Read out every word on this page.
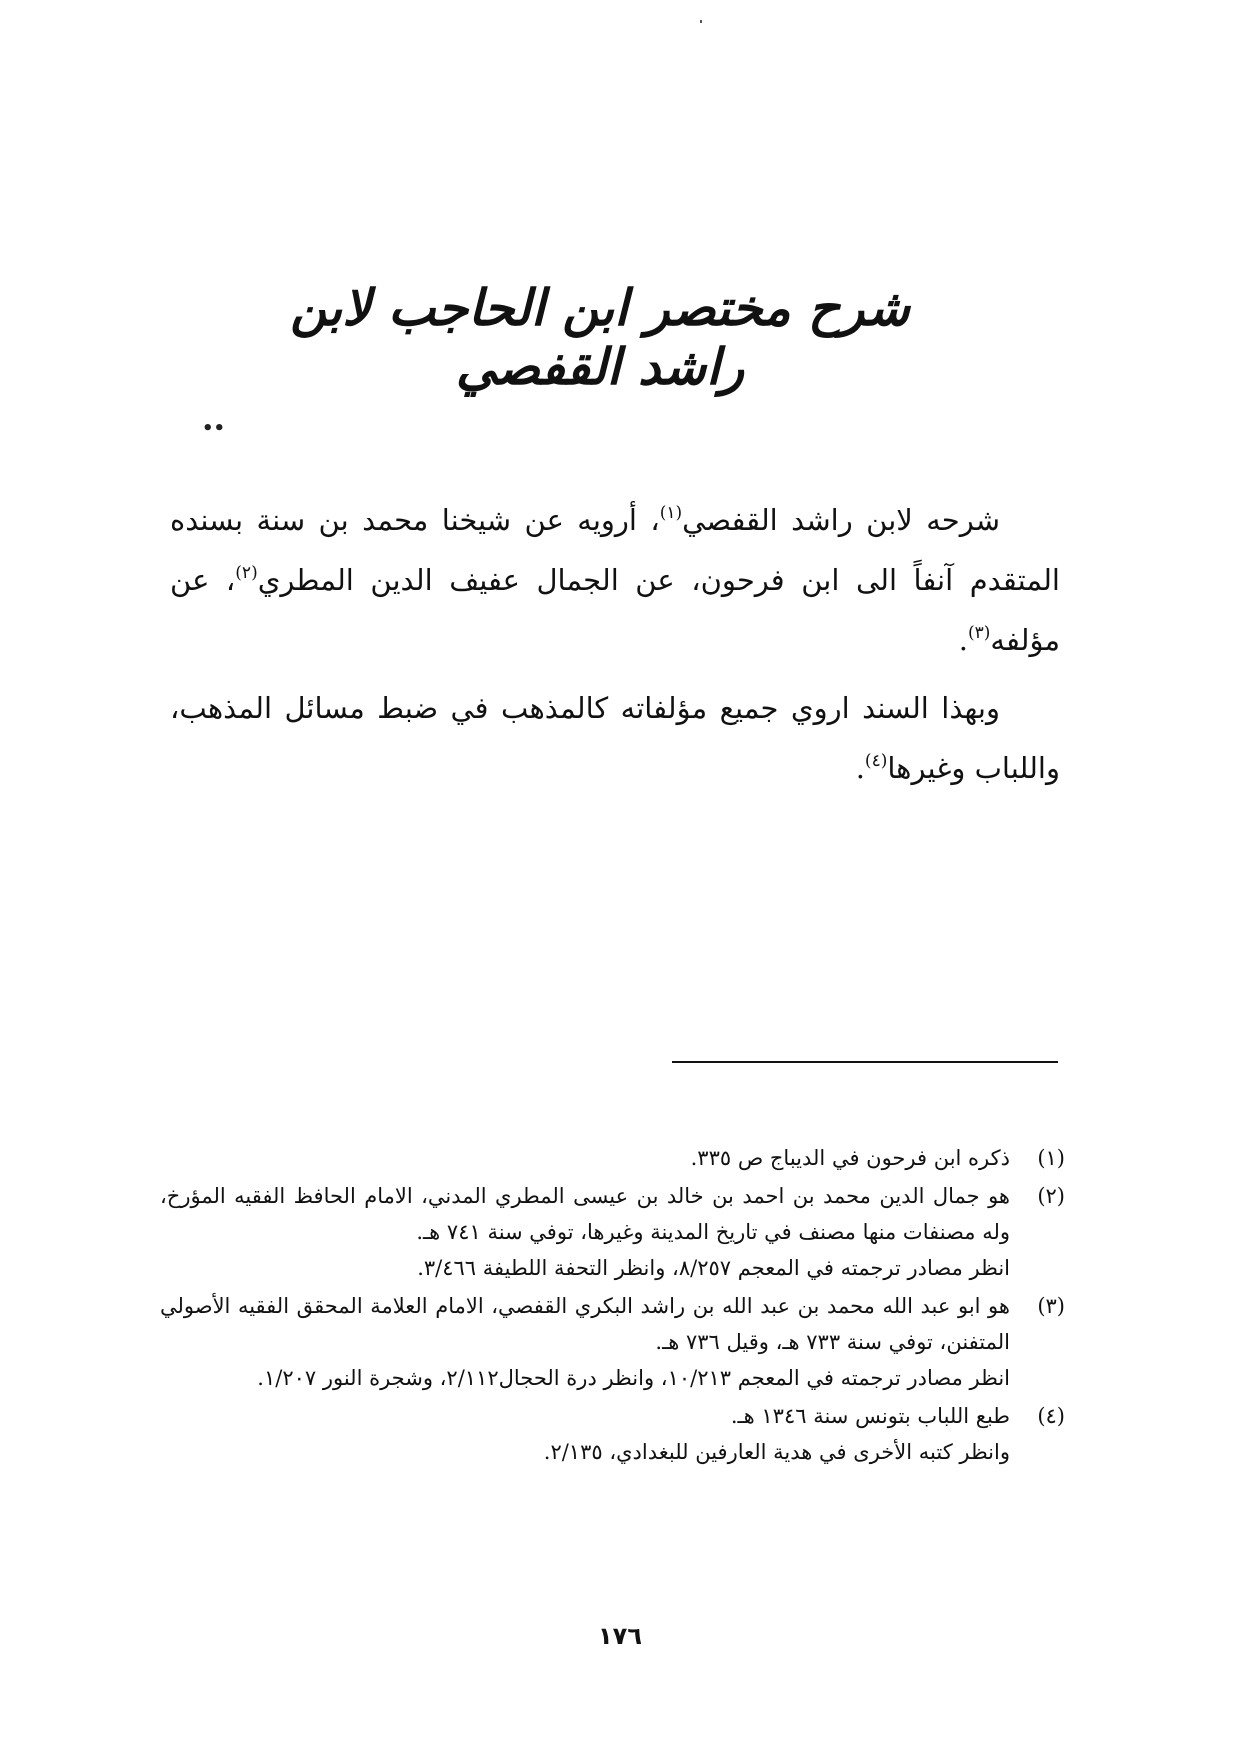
شرح مختصر ابن الحاجب لابن راشد القفصي
••

شرحه لابن راشد القفصي$^{(١)}$، أرويه عن شيخنا محمد بن سنة بسنده المتقدم آنفاً الى ابن فرحون، عن الجمال عفيف الدين المطري$^{(٢)}$، عن مؤلفه$^{(٣)}$.

وبهذا السند اروي جميع مؤلفاته كالمذهب في ضبط مسائل المذهب، واللباب وغيرها$^{(٤)}$.

(١)
ذكره ابن فرحون في الديباج ص ٣٣٥.
(٢)
هو جمال الدين محمد بن احمد بن خالد بن عيسى المطري المدني، الامام الحافظ الفقيه المؤرخ، وله مصنفات منها مصنف في تاريخ المدينة وغيرها، توفي سنة ٧٤١ هـ.
انظر مصادر ترجمته في المعجم ٨/٢٥٧، وانظر التحفة اللطيفة ٣/٤٦٦.
(٣)
هو ابو عبد الله محمد بن عبد الله بن راشد البكري القفصي، الامام العلامة المحقق الفقيه الأصولي المتفنن، توفي سنة ٧٣٣ هـ، وقيل ٧٣٦ هـ.
انظر مصادر ترجمته في المعجم ١٠/٢١٣، وانظر درة الحجال٢/١١٢، وشجرة النور ١/٢٠٧.
(٤)
طبع اللباب بتونس سنة ١٣٤٦ هـ.
وانظر كتبه الأخرى في هدية العارفين للبغدادي، ٢/١٣٥.
١٧٦
